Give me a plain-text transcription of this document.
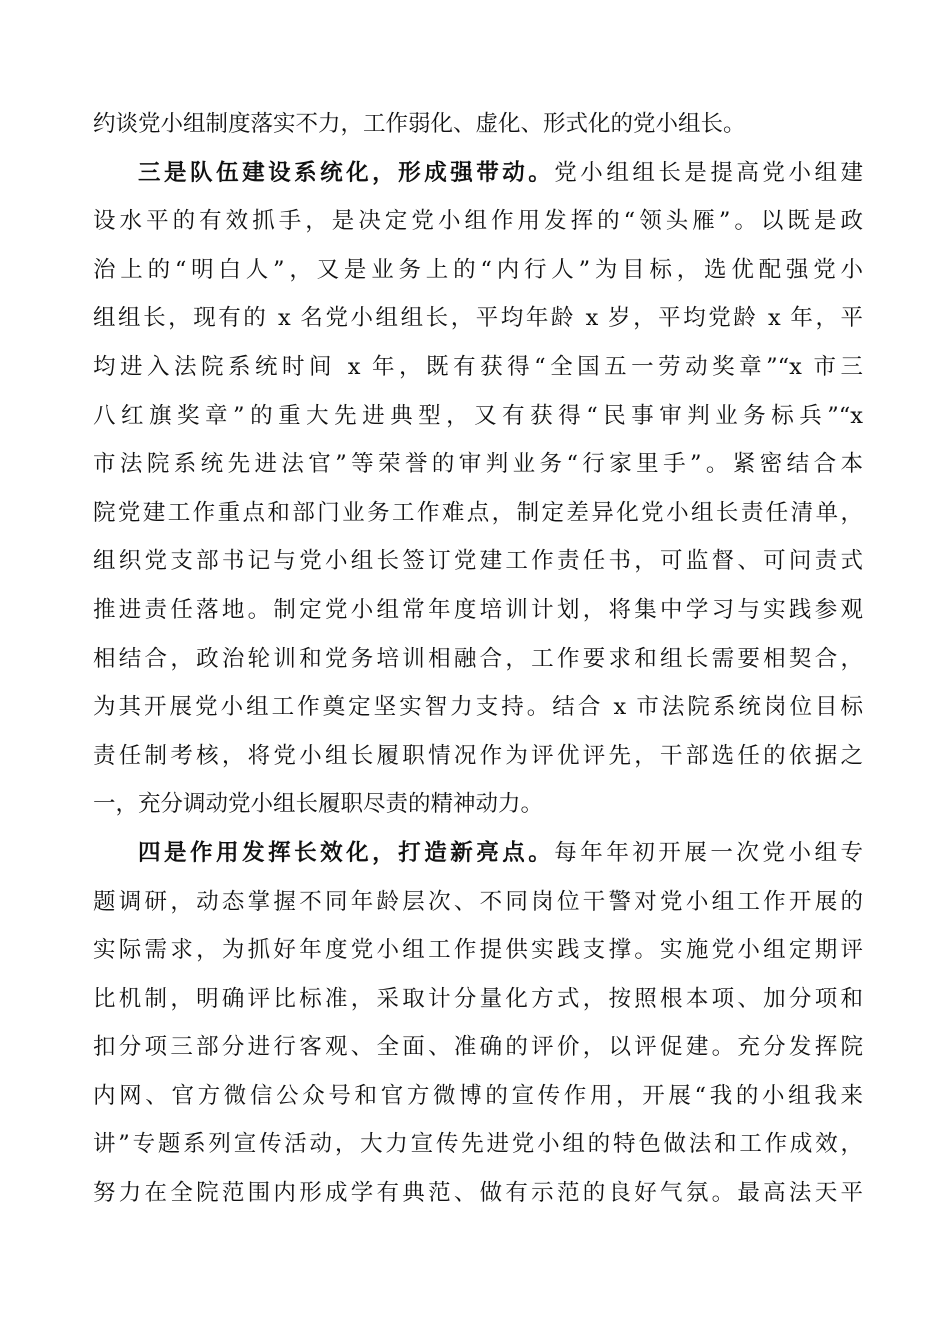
约谈党小组制度落实不力，工作弱化、虚化、形式化的党小组长。
三是队伍建设系统化，形成强带动。党小组组长是提高党小组建
设水平的有效抓手，是决定党小组作用发挥的“领头雁”。以既是政
治上的“明白人”，又是业务上的“内行人”为目标，选优配强党小
组组长，现有的 x 名党小组组长，平均年龄 x 岁，平均党龄 x 年，平
均进入法院系统时间 x 年，既有获得“全国五一劳动奖章”“x 市三
八红旗奖章”的重大先进典型，又有获得“民事审判业务标兵”“x
市法院系统先进法官”等荣誉的审判业务“行家里手”。紧密结合本
院党建工作重点和部门业务工作难点，制定差异化党小组长责任清单，
组织党支部书记与党小组长签订党建工作责任书，可监督、可问责式
推进责任落地。制定党小组常年度培训计划，将集中学习与实践参观
相结合，政治轮训和党务培训相融合，工作要求和组长需要相契合，
为其开展党小组工作奠定坚实智力支持。结合 x 市法院系统岗位目标
责任制考核，将党小组长履职情况作为评优评先，干部选任的依据之
一，充分调动党小组长履职尽责的精神动力。
四是作用发挥长效化，打造新亮点。每年年初开展一次党小组专
题调研，动态掌握不同年龄层次、不同岗位干警对党小组工作开展的
实际需求，为抓好年度党小组工作提供实践支撑。实施党小组定期评
比机制，明确评比标准，采取计分量化方式，按照根本项、加分项和
扣分项三部分进行客观、全面、准确的评价，以评促建。充分发挥院
内网、官方微信公众号和官方微博的宣传作用，开展“我的小组我来
讲”专题系列宣传活动，大力宣传先进党小组的特色做法和工作成效，
努力在全院范围内形成学有典范、做有示范的良好气氛。最高法天平
